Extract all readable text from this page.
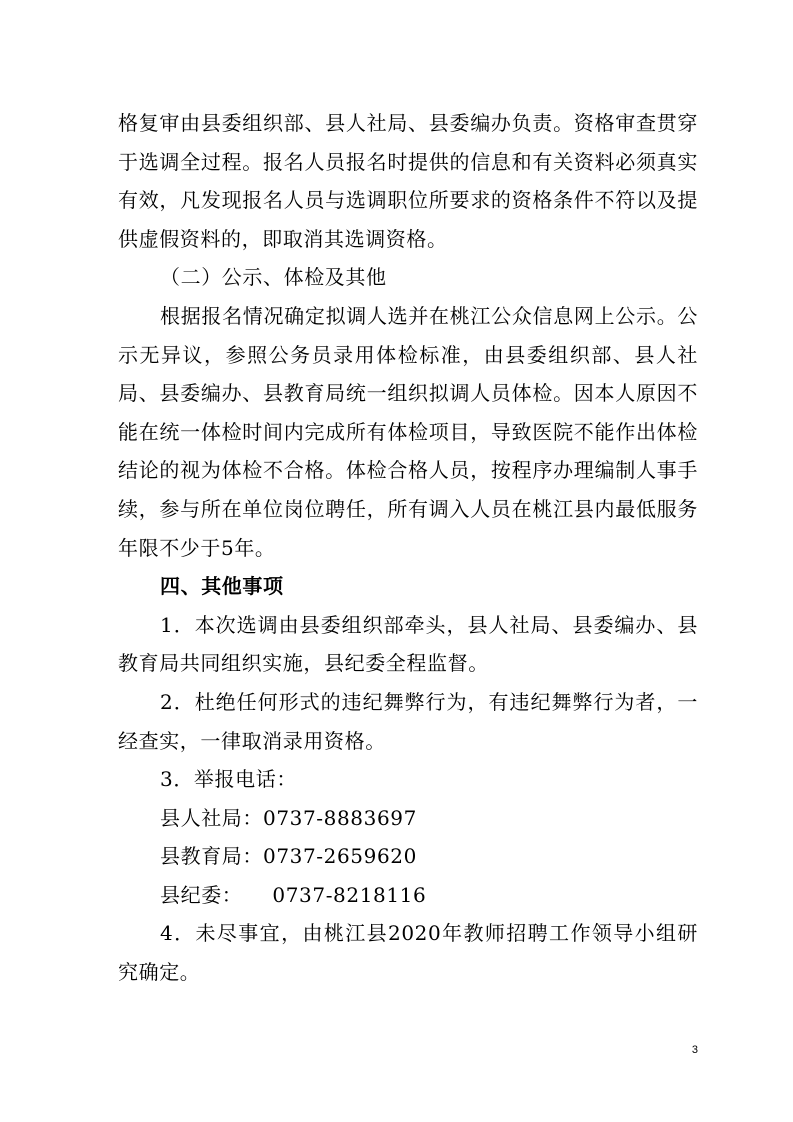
格复审由县委组织部、县人社局、县委编办负责。资格审查贯穿于选调全过程。报名人员报名时提供的信息和有关资料必须真实有效，凡发现报名人员与选调职位所要求的资格条件不符以及提供虚假资料的，即取消其选调资格。

（二）公示、体检及其他

根据报名情况确定拟调人选并在桃江公众信息网上公示。公示无异议，参照公务员录用体检标准，由县委组织部、县人社局、县委编办、县教育局统一组织拟调人员体检。因本人原因不能在统一体检时间内完成所有体检项目，导致医院不能作出体检结论的视为体检不合格。体检合格人员，按程序办理编制人事手续，参与所在单位岗位聘任，所有调入人员在桃江县内最低服务年限不少于5年。

四、其他事项

1．本次选调由县委组织部牵头，县人社局、县委编办、县教育局共同组织实施，县纪委全程监督。

2．杜绝任何形式的违纪舞弊行为，有违纪舞弊行为者，一经查实，一律取消录用资格。

3．举报电话：

县人社局：0737-8883697

县教育局：0737-2659620

县纪委： 0737-8218116

4．未尽事宜，由桃江县2020年教师招聘工作领导小组研究确定。

3
